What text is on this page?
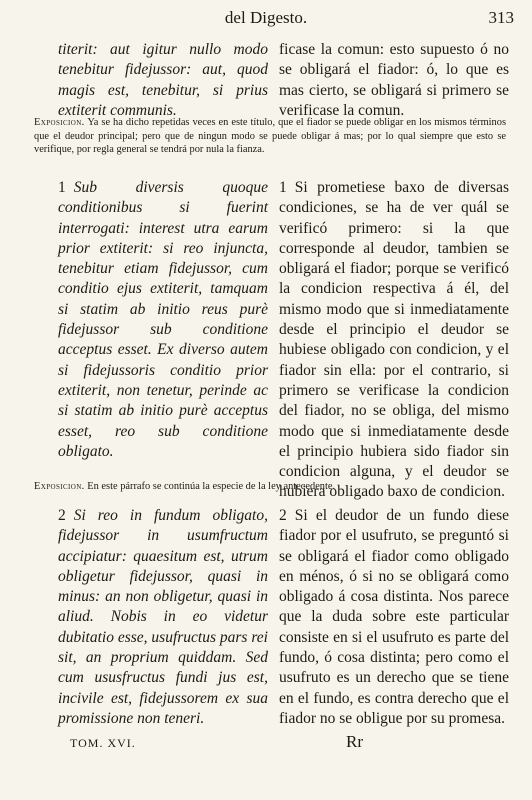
del Digesto.	313
titerit: aut igitur nullo modo tenebitur fidejussor: aut, quod magis est, tenebitur, si prius extiterit communis.
ficase la comun: esto supuesto ó no se obligará el fiador: ó, lo que es mas cierto, se obligará si primero se verificase la comun.
Exposicion. Ya se ha dicho repetidas veces en este título, que el fiador se puede obligar en los mismos términos que el deudor principal; pero que de ningun modo se puede obligar á mas; por lo qual siempre que esto se verifique, por regla general se tendrá por nula la fianza.
1 Sub diversis quoque conditionibus si fuerint interrogati: interest utra earum prior extiterit: si reo injuncta, tenebitur etiam fidejussor, cum conditio ejus extiterit, tamquam si statim ab initio reus purè fidejussor sub conditione acceptus esset. Ex diverso autem si fidejussoris conditio prior extiterit, non tenetur, perinde ac si statim ab initio purè acceptus esset, reo sub conditione obligato.
1 Si prometiese baxo de diversas condiciones, se ha de ver quál se verificó primero: si la que corresponde al deudor, tambien se obligará el fiador; porque se verificó la condicion respectiva á él, del mismo modo que si inmediatamente desde el principio el deudor se hubiese obligado con condicion, y el fiador sin ella: por el contrario, si primero se verificase la condicion del fiador, no se obliga, del mismo modo que si inmediatamente desde el principio hubiera sido fiador sin condicion alguna, y el deudor se hubiera obligado baxo de condicion.
Exposicion. En este párrafo se continúa la especie de la ley antecedente.
2 Si reo in fundum obligato, fidejussor in usumfructum accipiatur: quaesitum est, utrum obligetur fidejussor, quasi in minus: an non obligetur, quasi in aliud. Nobis in eo videtur dubitatio esse, usufructus pars rei sit, an proprium quiddam. Sed cum ususfructus fundi jus est, incivile est, fidejussorem ex sua promissione non teneri.
2 Si el deudor de un fundo diese fiador por el usufruto, se preguntó si se obligará el fiador como obligado en ménos, ó si no se obligará como obligado á cosa distinta. Nos parece que la duda sobre este particular consiste en si el usufruto es parte del fundo, ó cosa distinta; pero como el usufruto es un derecho que se tiene en el fundo, es contra derecho que el fiador no se obligue por su promesa.
TOM. XVI.	Rr
